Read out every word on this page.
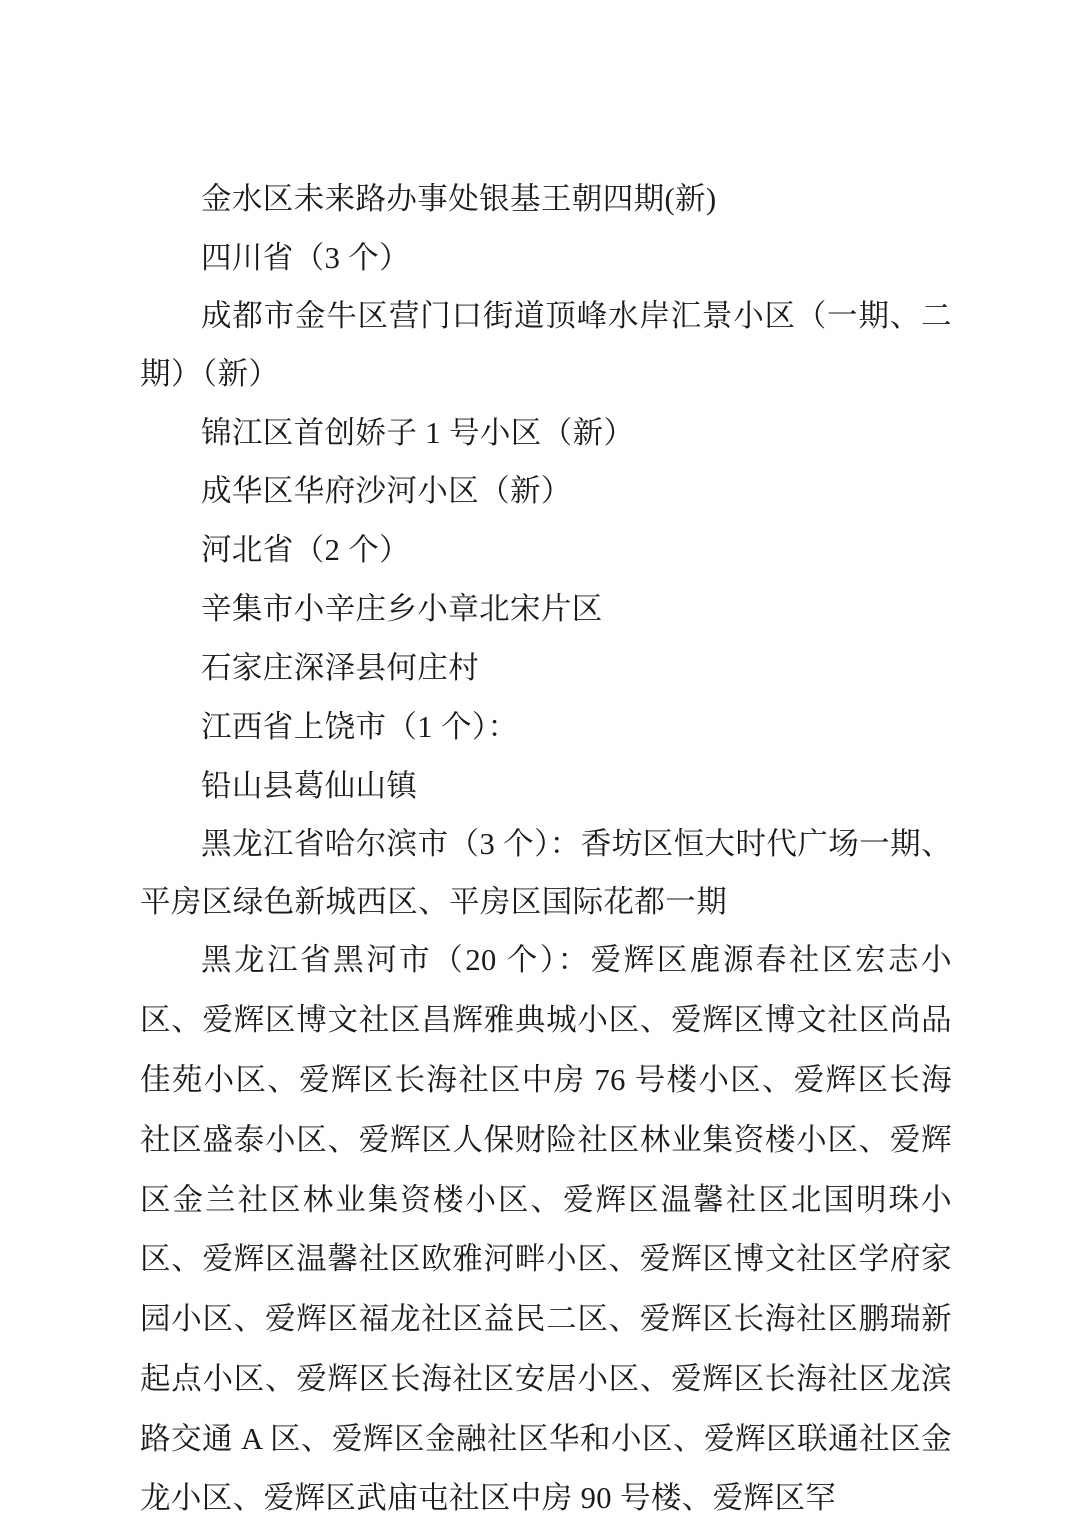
金水区未来路办事处银基王朝四期(新)

四川省（3 个）

成都市金牛区营门口街道顶峰水岸汇景小区（一期、二期）（新）

锦江区首创娇子 1 号小区（新）

成华区华府沙河小区（新）

河北省（2 个）

辛集市小辛庄乡小章北宋片区

石家庄深泽县何庄村

江西省上饶市（1 个）：

铅山县葛仙山镇

黑龙江省哈尔滨市（3 个）：香坊区恒大时代广场一期、平房区绿色新城西区、平房区国际花都一期

黑龙江省黑河市（20 个）：爱辉区鹿源春社区宏志小区、爱辉区博文社区昌辉雅典城小区、爱辉区博文社区尚品佳苑小区、爱辉区长海社区中房 76 号楼小区、爱辉区长海社区盛泰小区、爱辉区人保财险社区林业集资楼小区、爱辉区金兰社区林业集资楼小区、爱辉区温馨社区北国明珠小区、爱辉区温馨社区欧雅河畔小区、爱辉区博文社区学府家园小区、爱辉区福龙社区益民二区、爱辉区长海社区鹏瑞新起点小区、爱辉区长海社区安居小区、爱辉区长海社区龙滨路交通 A 区、爱辉区金融社区华和小区、爱辉区联通社区金龙小区、爱辉区武庙屯社区中房 90 号楼、爱辉区罕
